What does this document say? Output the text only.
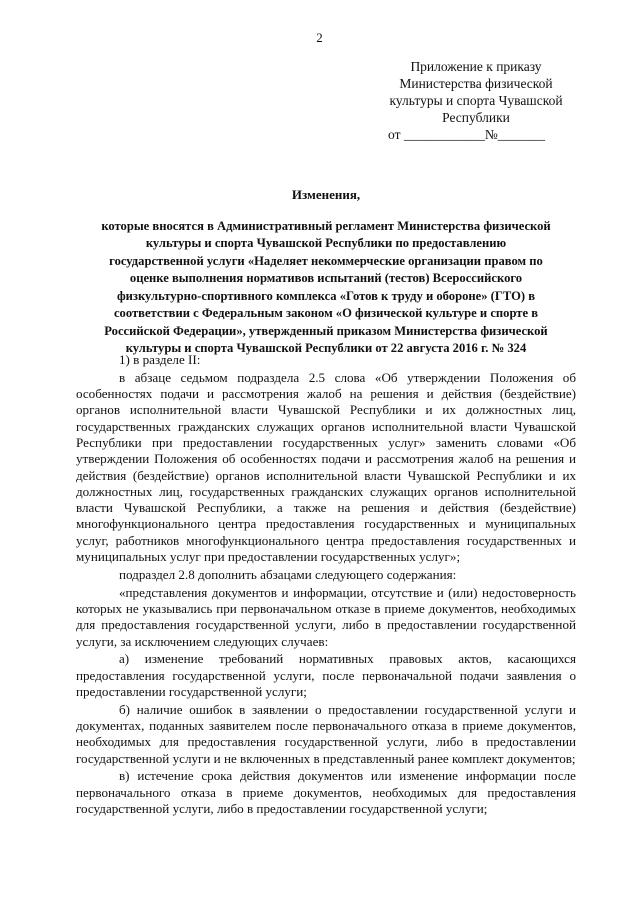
2
Приложение к приказу
Министерства физической
культуры и спорта Чувашской
Республики
от ____________№_______
Изменения,
которые вносятся в Административный регламент Министерства физической
культуры и спорта Чувашской Республики по предоставлению
государственной услуги «Наделяет некоммерческие организации правом по
оценке выполнения нормативов испытаний (тестов) Всероссийского
физкультурно-спортивного комплекса «Готов к труду и обороне» (ГТО) в
соответствии с Федеральным законом «О физической культуре и спорте в
Российской Федерации», утвержденный приказом Министерства физической
культуры и спорта Чувашской Республики от 22 августа 2016 г. № 324

1) в разделе II:

в абзаце седьмом подраздела 2.5 слова «Об утверждении Положения об особенностях подачи и рассмотрения жалоб на решения и действия (бездействие) органов исполнительной власти Чувашской Республики и их должностных лиц, государственных гражданских служащих органов исполнительной власти Чувашской Республики при предоставлении государственных услуг» заменить словами «Об утверждении Положения об особенностях подачи и рассмотрения жалоб на решения и действия (бездействие) органов исполнительной власти Чувашской Республики и их должностных лиц, государственных гражданских служащих органов исполнительной власти Чувашской Республики, а также на решения и действия (бездействие) многофункционального центра предоставления государственных и муниципальных услуг, работников многофункционального центра предоставления государственных и муниципальных услуг при предоставлении государственных услуг»;

подраздел 2.8 дополнить абзацами следующего содержания:

«представления документов и информации, отсутствие и (или) недостоверность которых не указывались при первоначальном отказе в приеме документов, необходимых для предоставления государственной услуги, либо в предоставлении государственной услуги, за исключением следующих случаев:

а) изменение требований нормативных правовых актов, касающихся предоставления государственной услуги, после первоначальной подачи заявления о предоставлении государственной услуги;

б) наличие ошибок в заявлении о предоставлении государственной услуги и документах, поданных заявителем после первоначального отказа в приеме документов, необходимых для предоставления государственной услуги, либо в предоставлении государственной услуги и не включенных в представленный ранее комплект документов;

в) истечение срока действия документов или изменение информации после первоначального отказа в приеме документов, необходимых для предоставления государственной услуги, либо в предоставлении государственной услуги;
